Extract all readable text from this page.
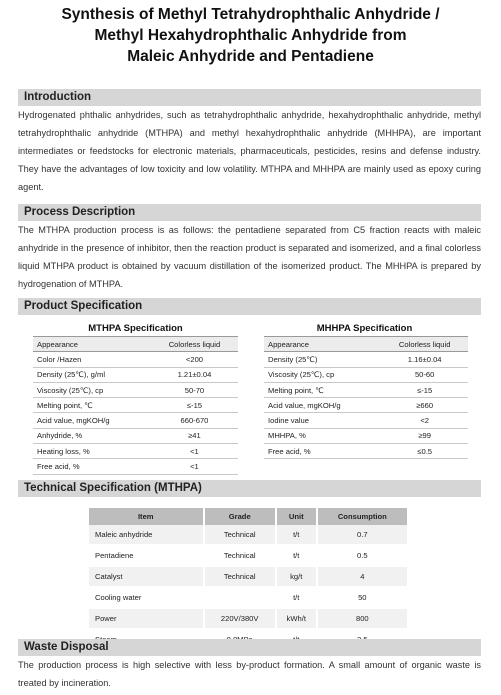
Synthesis of Methyl Tetrahydrophthalic Anhydride /
Methyl Hexahydrophthalic Anhydride from
Maleic Anhydride and Pentadiene
Introduction

Hydrogenated phthalic anhydrides, such as tetrahydrophthalic anhydride, hexahydrophthalic anhydride, methyl tetrahydrophthalic anhydride (MTHPA) and methyl hexahydrophthalic anhydride (MHHPA), are important intermediates or feedstocks for electronic materials, pharmaceuticals, pesticides, resins and defense industry. They have the advantages of low toxicity and low volatility. MTHPA and MHHPA are mainly used as epoxy curing agent.

Process Description

The MTHPA production process is as follows: the pentadiene separated from C5 fraction reacts with maleic anhydride in the presence of inhibitor, then the reaction product is separated and isomerized, and a final colorless liquid MTHPA product is obtained by vacuum distillation of the isomerized product. The MHHPA is prepared by hydrogenation of MTHPA.

Product Specification
MTHPA Specification
Appearance	Colorless liquid
Color /Hazen	<200
Density (25℃), g/ml	1.21±0.04
Viscosity (25℃), cp	50-70
Melting point, ℃	≤-15
Acid value, mgKOH/g	660-670
Anhydride, %	≥41
Heating loss, %	<1
Free acid, %	<1
MHHPA Specification
Appearance	Colorless liquid
Density (25℃)	1.16±0.04
Viscosity (25℃), cp	50-60
Melting point, ℃	≤-15
Acid value, mgKOH/g	≥660
Iodine value	<2
MHHPA, %	≥99
Free acid, %	≤0.5
Technical Specification (MTHPA)
Item	Grade	Unit	Consumption
Maleic anhydride	Technical	t/t	0.7
Pentadiene	Technical	t/t	0.5
Catalyst	Technical	kg/t	4
Cooling water		t/t	50
Power	220V/380V	kWh/t	800

Waste Disposal

The production process is high selective with less by-product formation. A small amount of organic waste is treated by incineration.
